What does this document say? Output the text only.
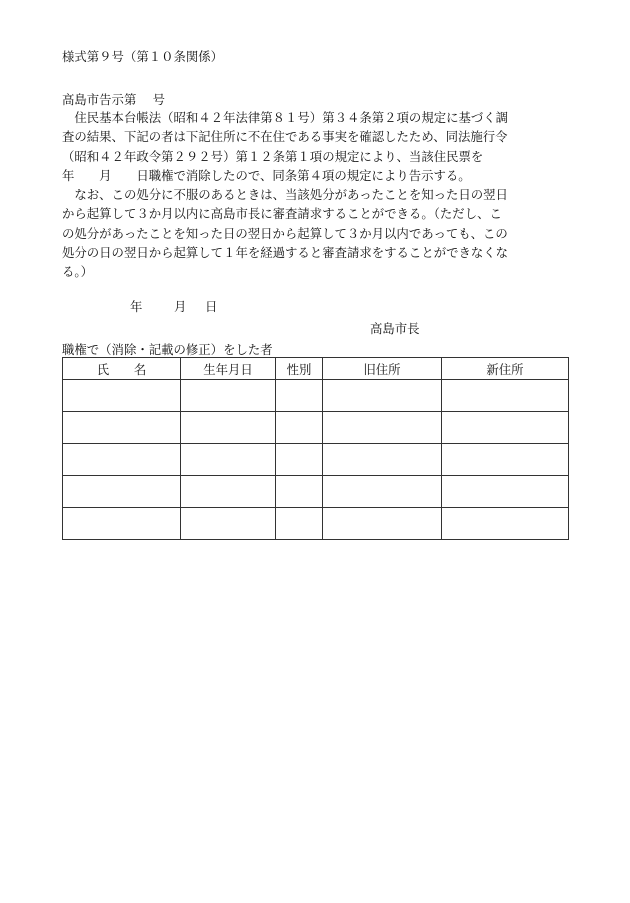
様式第９号（第１０条関係）
高島市告示第　 号
　住民基本台帳法（昭和４２年法律第８１号）第３４条第２項の規定に基づく調
査の結果、下記の者は下記住所に不在住である事実を確認したため、同法施行令
（昭和４２年政令第２９２号）第１２条第１項の規定により、当該住民票を
年　　月　　日職権で消除したので、同条第４項の規定により告示する。
　なお、この処分に不服のあるときは、当該処分があったことを知った日の翌日
から起算して３か月以内に高島市長に審査請求することができる。（ただし、こ
の処分があったことを知った日の翌日から起算して３か月以内であっても、この
処分の日の翌日から起算して１年を経過すると審査請求をすることができなくな
る。）
年	月 日
高島市長
職権で（消除・記載の修正）をした者
氏　　名	生年月日	性別	旧住所	新住所
